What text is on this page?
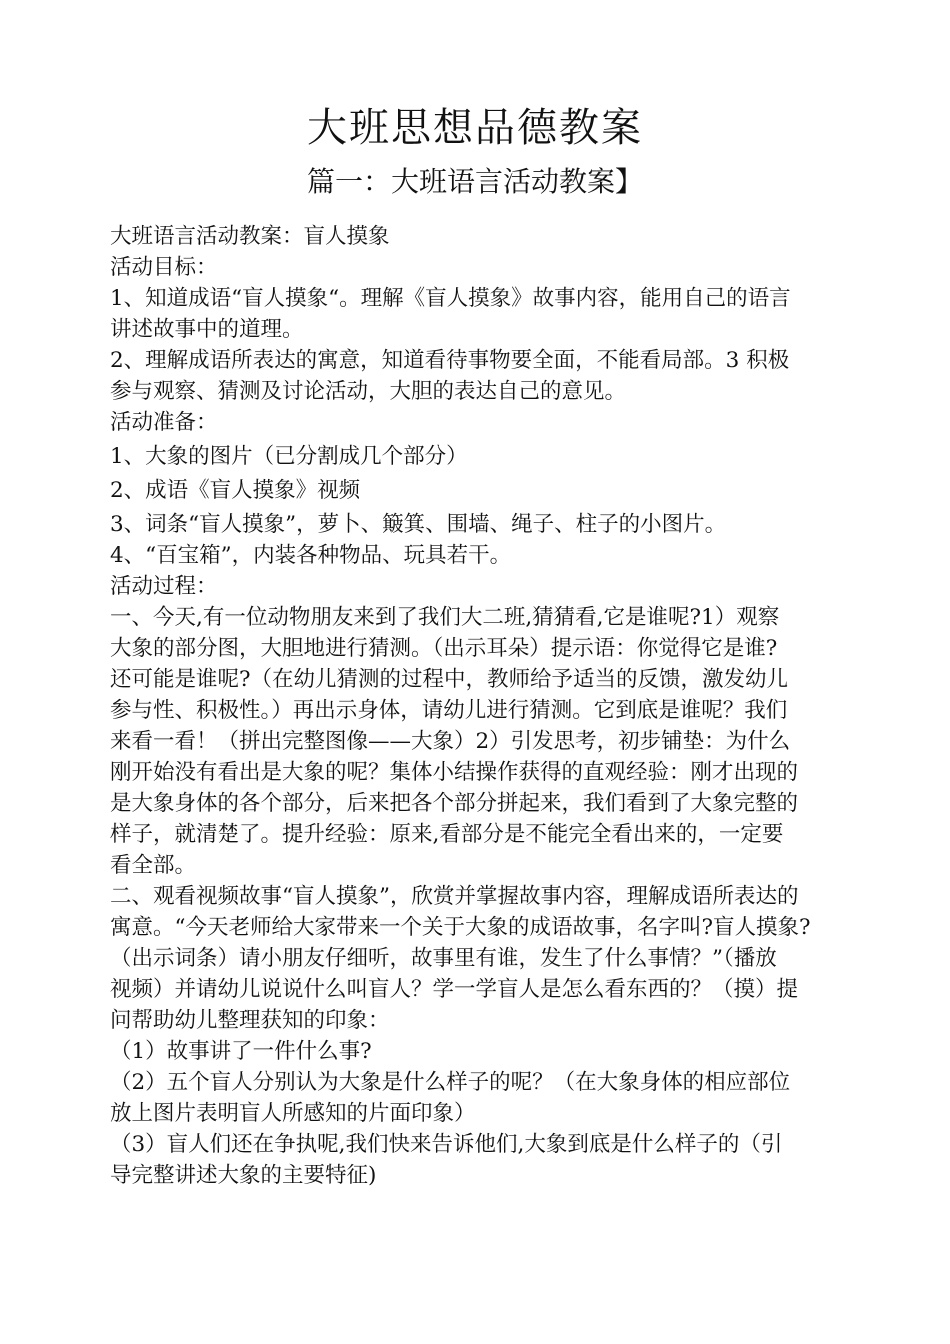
大班思想品德教案
篇一：大班语言活动教案】
大班语言活动教案：盲人摸象
活动目标：
1、知道成语“盲人摸象“。理解《盲人摸象》故事内容，能用自己的语言
讲述故事中的道理。
2、理解成语所表达的寓意，知道看待事物要全面，不能看局部。3 积极
参与观察、猜测及讨论活动，大胆的表达自己的意见。
活动准备：
1、大象的图片（已分割成几个部分）
2、成语《盲人摸象》视频
3、词条“盲人摸象”，萝卜、簸箕、围墙、绳子、柱子的小图片。
4、“百宝箱”，内装各种物品、玩具若干。
活动过程：
一、今天,有一位动物朋友来到了我们大二班,猜猜看,它是谁呢?1）观察
大象的部分图，大胆地进行猜测。（出示耳朵）提示语：你觉得它是谁?
还可能是谁呢?（在幼儿猜测的过程中，教师给予适当的反馈，激发幼儿
参与性、积极性。）再出示身体，请幼儿进行猜测。它到底是谁呢？我们
来看一看！（拼出完整图像——大象）2）引发思考，初步铺垫：为什么
刚开始没有看出是大象的呢？集体小结操作获得的直观经验：刚才出现的
是大象身体的各个部分，后来把各个部分拼起来，我们看到了大象完整的
样子，就清楚了。提升经验：原来,看部分是不能完全看出来的，一定要
看全部。
二、观看视频故事“盲人摸象”，欣赏并掌握故事内容，理解成语所表达的
寓意。“今天老师给大家带来一个关于大象的成语故事，名字叫?盲人摸象?
（出示词条）请小朋友仔细听，故事里有谁，发生了什么事情？”（播放
视频）并请幼儿说说什么叫盲人？学一学盲人是怎么看东西的？（摸）提
问帮助幼儿整理获知的印象：
（1）故事讲了一件什么事?
（2）五个盲人分别认为大象是什么样子的呢？（在大象身体的相应部位
放上图片表明盲人所感知的片面印象）
（3）盲人们还在争执呢,我们快来告诉他们,大象到底是什么样子的（引
导完整讲述大象的主要特征)
